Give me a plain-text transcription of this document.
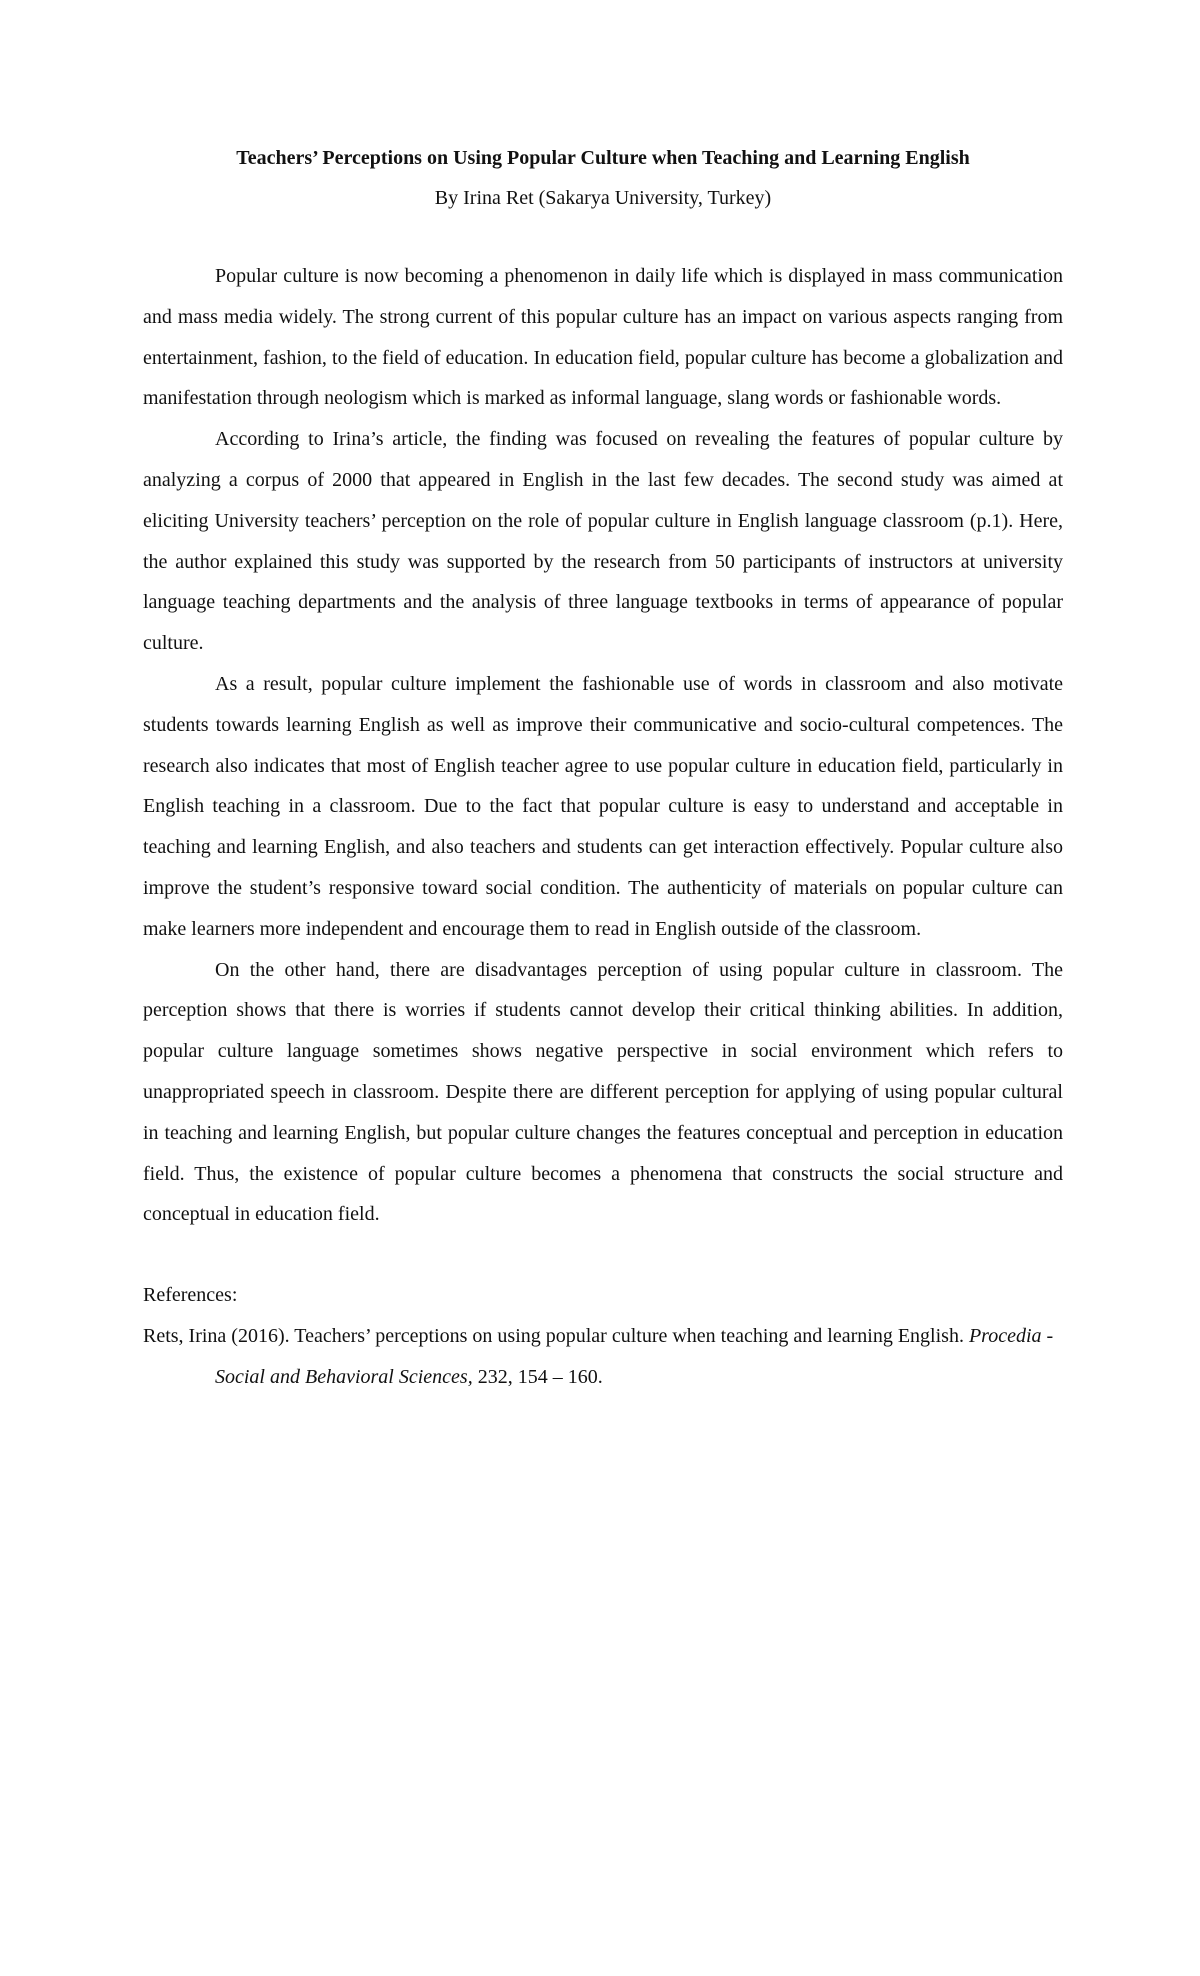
Teachers’ Perceptions on Using Popular Culture when Teaching and Learning English

By Irina Ret (Sakarya University, Turkey)

Popular culture is now becoming a phenomenon in daily life which is displayed in mass communication and mass media widely. The strong current of this popular culture has an impact on various aspects ranging from entertainment, fashion, to the field of education. In education field, popular culture has become a globalization and manifestation through neologism which is marked as informal language, slang words or fashionable words.

According to Irina’s article, the finding was focused on revealing the features of popular culture by analyzing a corpus of 2000 that appeared in English in the last few decades. The second study was aimed at eliciting University teachers’ perception on the role of popular culture in English language classroom (p.1). Here, the author explained this study was supported by the research from 50 participants of instructors at university language teaching departments and the analysis of three language textbooks in terms of appearance of popular culture.

As a result, popular culture implement the fashionable use of words in classroom and also motivate students towards learning English as well as improve their communicative and socio-cultural competences. The research also indicates that most of English teacher agree to use popular culture in education field, particularly in English teaching in a classroom. Due to the fact that popular culture is easy to understand and acceptable in teaching and learning English, and also teachers and students can get interaction effectively. Popular culture also improve the student’s responsive toward social condition. The authenticity of materials on popular culture can make learners more independent and encourage them to read in English outside of the classroom.

On the other hand, there are disadvantages perception of using popular culture in classroom. The perception shows that there is worries if students cannot develop their critical thinking abilities. In addition, popular culture language sometimes shows negative perspective in social environment which refers to unappropriated speech in classroom. Despite there are different perception for applying of using popular cultural in teaching and learning English, but popular culture changes the features conceptual and perception in education field. Thus, the existence of popular culture becomes a phenomena that constructs the social structure and conceptual in education field.

References:

Rets, Irina (2016). Teachers’ perceptions on using popular culture when teaching and learning English. Procedia - Social and Behavioral Sciences, 232, 154 – 160.
